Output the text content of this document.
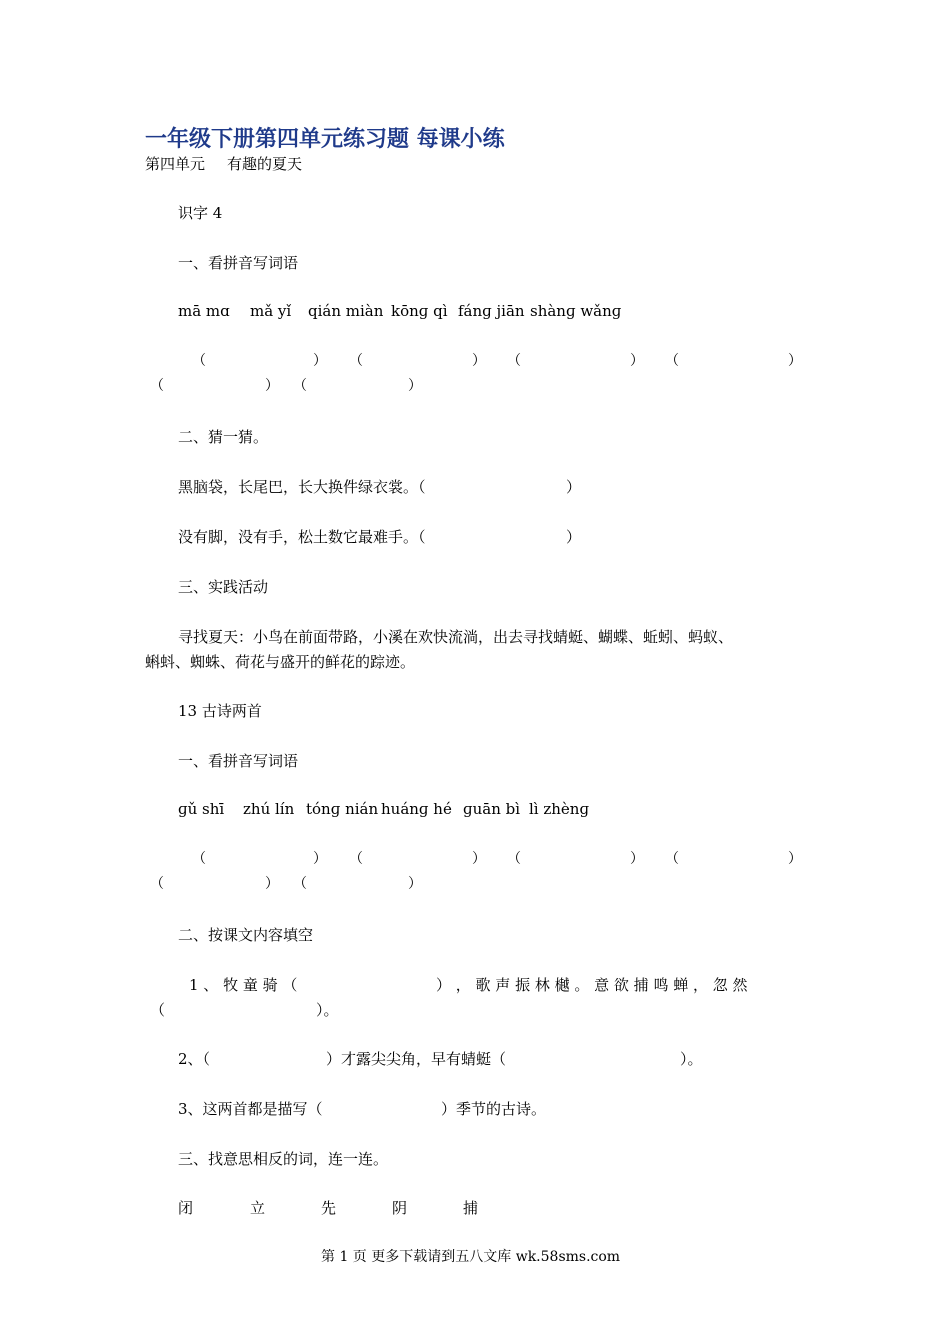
一年级下册第四单元练习题 每课小练
第四单元 有趣的夏天
识字 4
一、看拼音写词语
mā mɑ mǎ yǐ qián miàn kōnɡ qì fánɡ jiān shànɡ wǎnɡ
（	） （	） （	） （	）
（	） （	）
二、猜一猜。
黑脑袋，长尾巴，长大换件绿衣裳。（	）
没有脚，没有手，松土数它最难手。（	）
三、实践活动
寻找夏天：小鸟在前面带路，小溪在欢快流淌，出去寻找蜻蜓、蝴蝶、蚯蚓、蚂蚁、
蝌蚪、蜘蛛、荷花与盛开的鲜花的踪迹。
13 古诗两首
一、看拼音写词语
ɡǔ shī zhú lín tónɡ nián huánɡ hé ɡuān bì lì zhènɡ
（	） （	） （	） （	）
（	） （	）
二、按课文内容填空
1 、 牧 童 骑 （	） ， 歌 声 振 林 樾 。 意 欲 捕 鸣 蝉 ， 忽 然
（	）。
2、（	）才露尖尖角，早有蜻蜓（	）。
3、这两首都是描写（	）季节的古诗。
三、找意思相反的词，连一连。
闭	立	先	阴	捕
第 1 页 更多下载请到五八文库 wk.58sms.com
